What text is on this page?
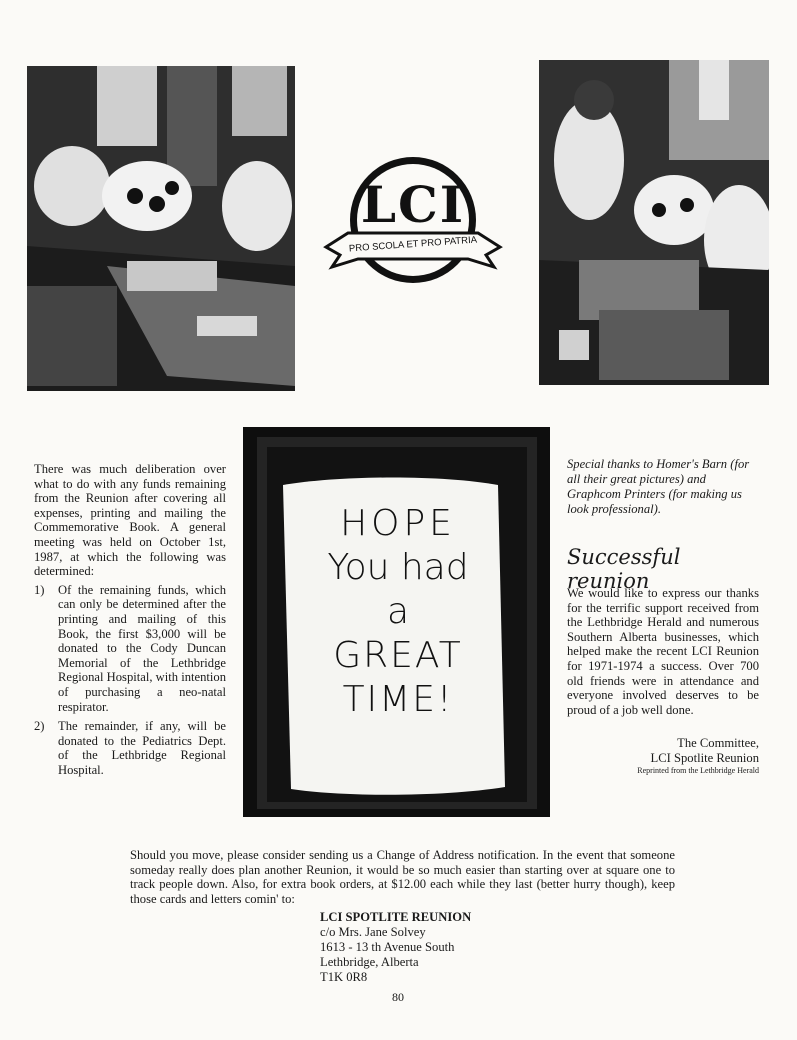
LCI
PRO SCOLA ET PRO PATRIA
HOPE
You had
a
GREAT
TIME!

There was much deliberation over what to do with any funds remaining from the Reunion after covering all expenses, printing and mailing the Commemorative Book. A general meeting was held on October 1st, 1987, at which the following was determined:

1)	Of the remaining funds, which can only be determined after the printing and mailing of this Book, the first $3,000 will be donated to the Cody Duncan Memorial of the Lethbridge Regional Hospital, with intention of purchasing a neo-natal respirator.
2)	The remainder, if any, will be donated to the Pediatrics Dept. of the Lethbridge Regional Hospital.
Special thanks to Homer's Barn (for all their great pictures) and Graphcom Printers (for making us look professional).
Successful reunion
We would like to express our thanks for the terrific support received from the Lethbridge Herald and numerous Southern Alberta businesses, which helped make the recent LCI Reunion for 1971-1974 a success. Over 700 old friends were in attendance and everyone involved deserves to be proud of a job well done.
The Committee,
LCI Spotlite Reunion
Reprinted from the Lethbridge Herald
Should you move, please consider sending us a Change of Address notification. In the event that someone someday really does plan another Reunion, it would be so much easier than starting over at square one to track people down. Also, for extra book orders, at $12.00 each while they last (better hurry though), keep those cards and letters comin' to:
LCI SPOTLITE REUNION
c/o Mrs. Jane Solvey
1613 - 13 th Avenue South
Lethbridge, Alberta
T1K 0R8
80
